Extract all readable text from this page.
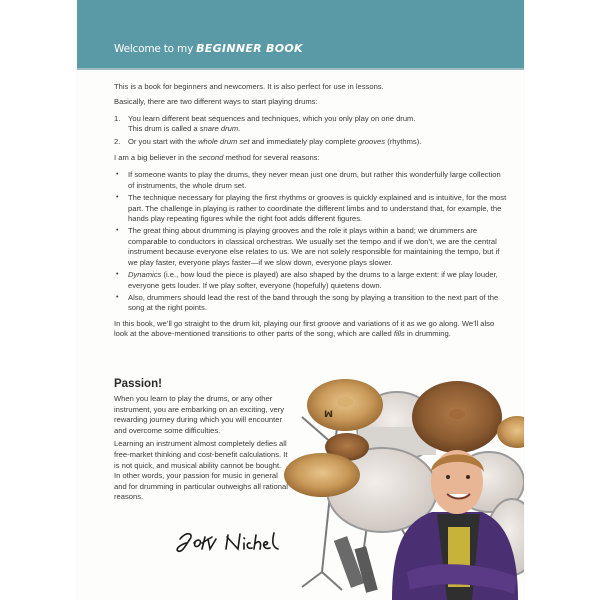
Welcome to my BEGINNER BOOK

This is a book for beginners and newcomers. It is also perfect for use in lessons.

Basically, there are two different ways to start playing drums:

1. You learn different beat sequences and techniques, which you only play on one drum.
This drum is called a snare drum.
2. Or you start with the whole drum set and immediately play complete grooves (rhythms).

I am a big believer in the second method for several reasons:

• If someone wants to play the drums, they never mean just one drum, but rather this wonderfully large collection of instruments, the whole drum set.
• The technique necessary for playing the first rhythms or grooves is quickly explained and is intuitive, for the most part. The challenge in playing is rather to coordinate the different limbs and to understand that, for example, the hands play repeating figures while the right foot adds different figures.
• The great thing about drumming is playing grooves and the role it plays within a band; we drummers are comparable to conductors in classical orchestras. We usually set the tempo and if we don’t, we are the central instrument because everyone else relates to us. We are not solely responsible for maintaining the tempo, but if we play faster, everyone plays faster—if we slow down, everyone plays slower.
• Dynamics (i.e., how loud the piece is played) are also shaped by the drums to a large extent: if we play louder, everyone gets louder. If we play softer, everyone (hopefully) quietens down.
• Also, drummers should lead the rest of the band through the song by playing a transition to the next part of the song at the right points.

In this book, we’ll go straight to the drum kit, playing our first groove and variations of it as we go along. We’ll also look at the above-mentioned transitions to other parts of the song, which are called fills in drumming.

Passion!

When you learn to play the drums, or any other instrument, you are embarking on an exciting, very rewarding journey during which you will encounter and overcome some difficulties.

Learning an instrument almost completely defies all free-market thinking and cost-benefit calculations. It is not quick, and musical ability cannot be bought.

In other words, your passion for music in general and for drumming in particular outweighs all rational reasons.

ꟽ
